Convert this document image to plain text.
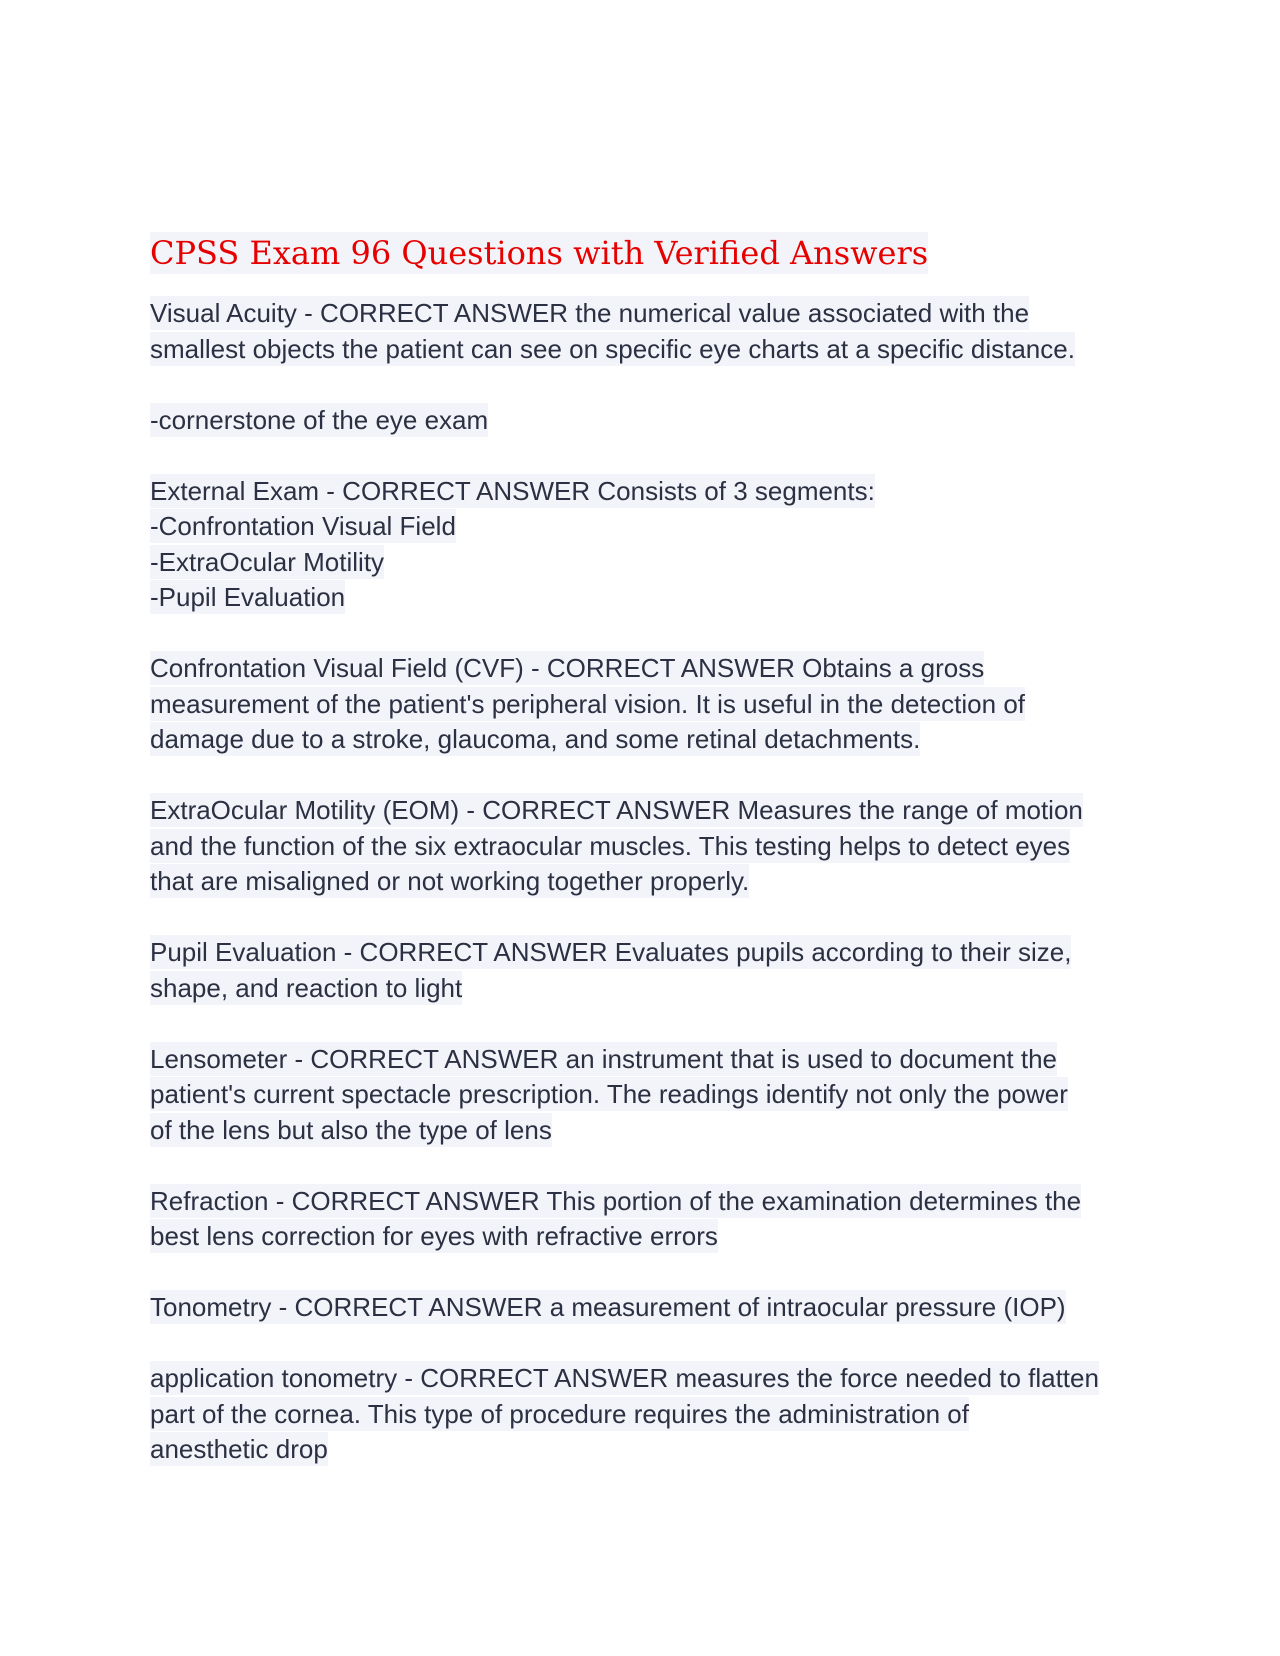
CPSS Exam 96 Questions with Verified Answers

Visual Acuity - CORRECT ANSWER the numerical value associated with the
smallest objects the patient can see on specific eye charts at a specific distance.

-cornerstone of the eye exam

External Exam - CORRECT ANSWER Consists of 3 segments:
-Confrontation Visual Field
-ExtraOcular Motility
-Pupil Evaluation

Confrontation Visual Field (CVF) - CORRECT ANSWER Obtains a gross
measurement of the patient's peripheral vision. It is useful in the detection of
damage due to a stroke, glaucoma, and some retinal detachments.

ExtraOcular Motility (EOM) - CORRECT ANSWER Measures the range of motion
and the function of the six extraocular muscles. This testing helps to detect eyes
that are misaligned or not working together properly.

Pupil Evaluation - CORRECT ANSWER Evaluates pupils according to their size,
shape, and reaction to light

Lensometer - CORRECT ANSWER an instrument that is used to document the
patient's current spectacle prescription. The readings identify not only the power
of the lens but also the type of lens

Refraction - CORRECT ANSWER This portion of the examination determines the
best lens correction for eyes with refractive errors

Tonometry - CORRECT ANSWER a measurement of intraocular pressure (IOP)

application tonometry - CORRECT ANSWER measures the force needed to flatten
part of the cornea. This type of procedure requires the administration of
anesthetic drop
